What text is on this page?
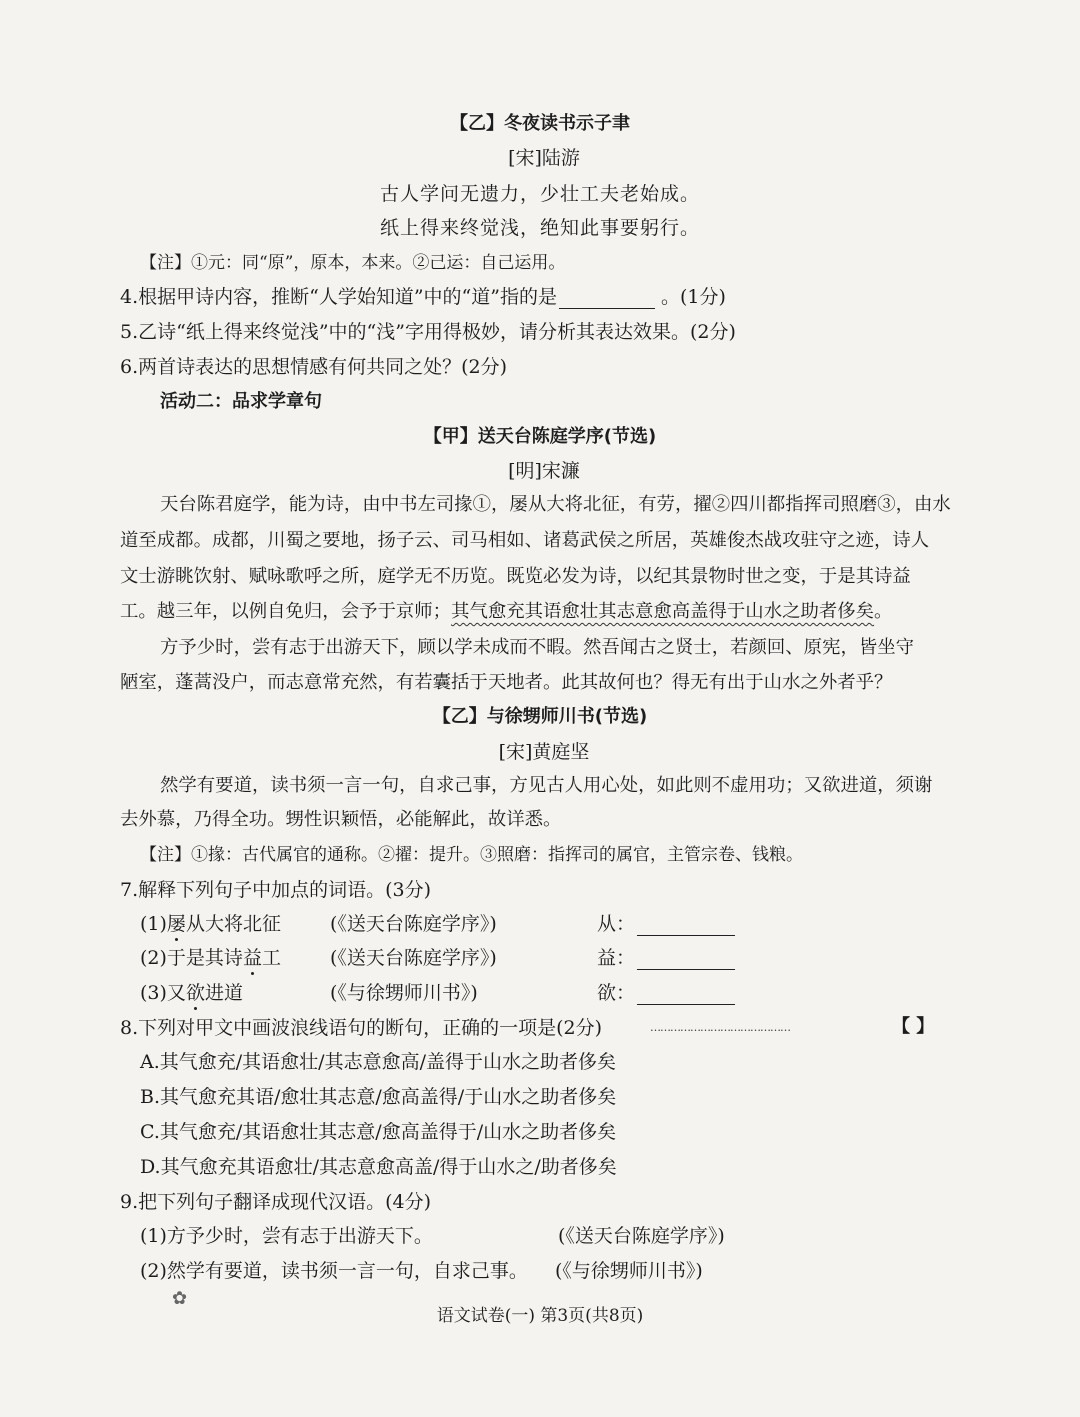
【乙】冬夜读书示子聿
[宋]陆游
古人学问无遗力，少壮工夫老始成。
纸上得来终觉浅，绝知此事要躬行。
【注】①元：同“原”，原本，本来。②己运：自己运用。
4.根据甲诗内容，推断“人学始知道”中的“道”指的是	。(1分)
5.乙诗“纸上得来终觉浅”中的“浅”字用得极妙，请分析其表达效果。(2分)
6.两首诗表达的思想情感有何共同之处？(2分)
活动二：品求学章句
【甲】送天台陈庭学序(节选)
[明]宋濂
天台陈君庭学，能为诗，由中书左司掾①，屡从大将北征，有劳，擢②四川都指挥司照磨③，由水
道至成都。成都，川蜀之要地，扬子云、司马相如、诸葛武侯之所居，英雄俊杰战攻驻守之迹，诗人
文士游眺饮射、赋咏歌呼之所，庭学无不历览。既览必发为诗，以纪其景物时世之变，于是其诗益
工。越三年，以例自免归，会予于京师；其气愈充其语愈壮其志意愈高盖得于山水之助者侈矣。
方予少时，尝有志于出游天下，顾以学未成而不暇。然吾闻古之贤士，若颜回、原宪，皆坐守
陋室，蓬蒿没户，而志意常充然，有若囊括于天地者。此其故何也？得无有出于山水之外者乎？
【乙】与徐甥师川书(节选)
[宋]黄庭坚
然学有要道，读书须一言一句，自求己事，方见古人用心处，如此则不虚用功；又欲进道，须谢
去外慕，乃得全功。甥性识颖悟，必能解此，故详悉。
【注】①掾：古代属官的通称。②擢：提升。③照磨：指挥司的属官，主管宗卷、钱粮。
7.解释下列句子中加点的词语。(3分)
(1)屡从大将北征	(《送天台陈庭学序》)	从：
(2)于是其诗益工	(《送天台陈庭学序》)	益：
(3)又欲进道	(《与徐甥师川书》)	欲：
8.下列对甲文中画波浪线语句的断句，正确的一项是(2分)	……………………………………	【 】
A.其气愈充/其语愈壮/其志意愈高/盖得于山水之助者侈矣
B.其气愈充其语/愈壮其志意/愈高盖得/于山水之助者侈矣
C.其气愈充/其语愈壮其志意/愈高盖得于/山水之助者侈矣
D.其气愈充其语愈壮/其志意愈高盖/得于山水之/助者侈矣
9.把下列句子翻译成现代汉语。(4分)
(1)方予少时，尝有志于出游天下。	(《送天台陈庭学序》)
(2)然学有要道，读书须一言一句，自求己事。 (《与徐甥师川书》)
✿
语文试卷(一) 第3页(共8页)
